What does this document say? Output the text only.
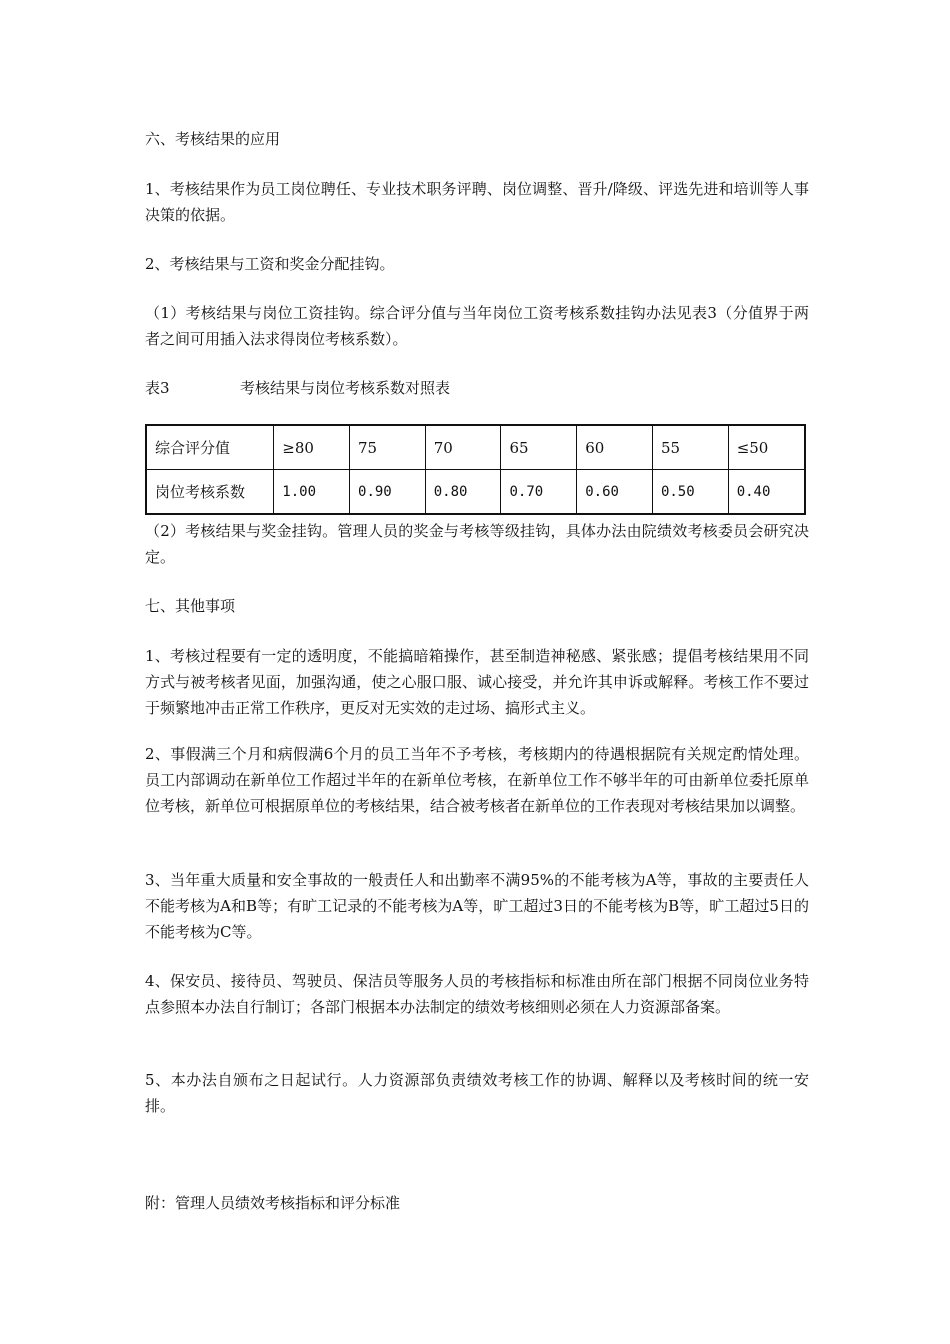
六、考核结果的应用

1、考核结果作为员工岗位聘任、专业技术职务评聘、岗位调整、晋升/降级、评选先进和培训等人事决策的依据。

2、考核结果与工资和奖金分配挂钩。

（1）考核结果与岗位工资挂钩。综合评分值与当年岗位工资考核系数挂钩办法见表3（分值界于两者之间可用插入法求得岗位考核系数）。

表3	考核结果与岗位考核系数对照表
综合评分值	≥80	75	70	65	60	55	≤50
岗位考核系数	1.00	0.90	0.80	0.70	0.60	0.50	0.40

（2）考核结果与奖金挂钩。管理人员的奖金与考核等级挂钩，具体办法由院绩效考核委员会研究决定。

七、其他事项

1、考核过程要有一定的透明度，不能搞暗箱操作，甚至制造神秘感、紧张感；提倡考核结果用不同方式与被考核者见面，加强沟通，使之心服口服、诚心接受，并允许其申诉或解释。考核工作不要过于频繁地冲击正常工作秩序，更反对无实效的走过场、搞形式主义。

2、事假满三个月和病假满6个月的员工当年不予考核，考核期内的待遇根据院有关规定酌情处理。员工内部调动在新单位工作超过半年的在新单位考核，在新单位工作不够半年的可由新单位委托原单位考核，新单位可根据原单位的考核结果，结合被考核者在新单位的工作表现对考核结果加以调整。

3、当年重大质量和安全事故的一般责任人和出勤率不满95%的不能考核为A等，事故的主要责任人不能考核为A和B等；有旷工记录的不能考核为A等，旷工超过3日的不能考核为B等，旷工超过5日的不能考核为C等。

4、保安员、接待员、驾驶员、保洁员等服务人员的考核指标和标准由所在部门根据不同岗位业务特点参照本办法自行制订；各部门根据本办法制定的绩效考核细则必须在人力资源部备案。

5、本办法自颁布之日起试行。人力资源部负责绩效考核工作的协调、解释以及考核时间的统一安排。

附：管理人员绩效考核指标和评分标准
